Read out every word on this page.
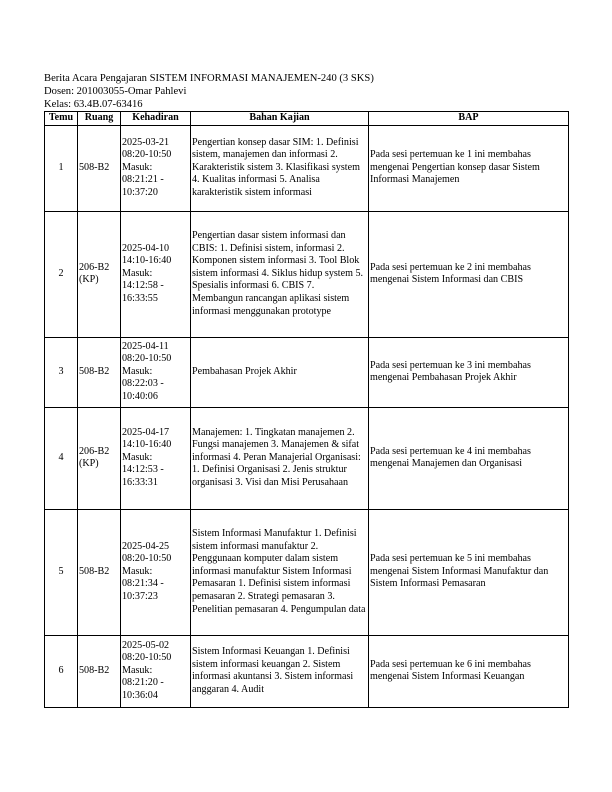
Berita Acara Pengajaran SISTEM INFORMASI MANAJEMEN-240 (3 SKS)
Dosen: 201003055-Omar Pahlevi
Kelas: 63.4B.07-63416
Temu	Ruang	Kehadiran	Bahan Kajian	BAP
1	508-B2	2025-03-21 08:20-10:50 Masuk: 08:21:21 - 10:37:20	Pengertian konsep dasar SIM: 1. Definisi sistem, manajemen dan informasi 2. Karakteristik sistem 3. Klasifikasi system 4. Kualitas informasi 5. Analisa karakteristik sistem informasi	Pada sesi pertemuan ke 1 ini membahas mengenai Pengertian konsep dasar Sistem Informasi Manajemen
2	206-B2 (KP)	2025-04-10 14:10-16:40 Masuk: 14:12:58 - 16:33:55	Pengertian dasar sistem informasi dan CBIS: 1. Definisi sistem, informasi 2. Komponen sistem informasi 3. Tool Blok sistem informasi 4. Siklus hidup system 5. Spesialis informasi 6. CBIS 7. Membangun rancangan aplikasi sistem informasi menggunakan prototype	Pada sesi pertemuan ke 2 ini membahas mengenai Sistem Informasi dan CBIS
3	508-B2	2025-04-11 08:20-10:50 Masuk: 08:22:03 - 10:40:06	Pembahasan Projek Akhir	Pada sesi pertemuan ke 3 ini membahas mengenai Pembahasan Projek Akhir
4	206-B2 (KP)	2025-04-17 14:10-16:40 Masuk: 14:12:53 - 16:33:31	Manajemen: 1. Tingkatan manajemen 2. Fungsi manajemen 3. Manajemen & sifat informasi 4. Peran Manajerial Organisasi: 1. Definisi Organisasi 2. Jenis struktur organisasi 3. Visi dan Misi Perusahaan	Pada sesi pertemuan ke 4 ini membahas mengenai Manajemen dan Organisasi
5	508-B2	2025-04-25 08:20-10:50 Masuk: 08:21:34 - 10:37:23	Sistem Informasi Manufaktur 1. Definisi sistem informasi manufaktur 2. Penggunaan komputer dalam sistem informasi manufaktur Sistem Informasi Pemasaran 1. Definisi sistem informasi pemasaran 2. Strategi pemasaran 3. Penelitian pemasaran 4. Pengumpulan data	Pada sesi pertemuan ke 5 ini membahas mengenai Sistem Informasi Manufaktur dan Sistem Informasi Pemasaran
6	508-B2	2025-05-02 08:20-10:50 Masuk: 08:21:20 - 10:36:04	Sistem Informasi Keuangan 1. Definisi sistem informasi keuangan 2. Sistem informasi akuntansi 3. Sistem informasi anggaran 4. Audit	Pada sesi pertemuan ke 6 ini membahas mengenai Sistem Informasi Keuangan
